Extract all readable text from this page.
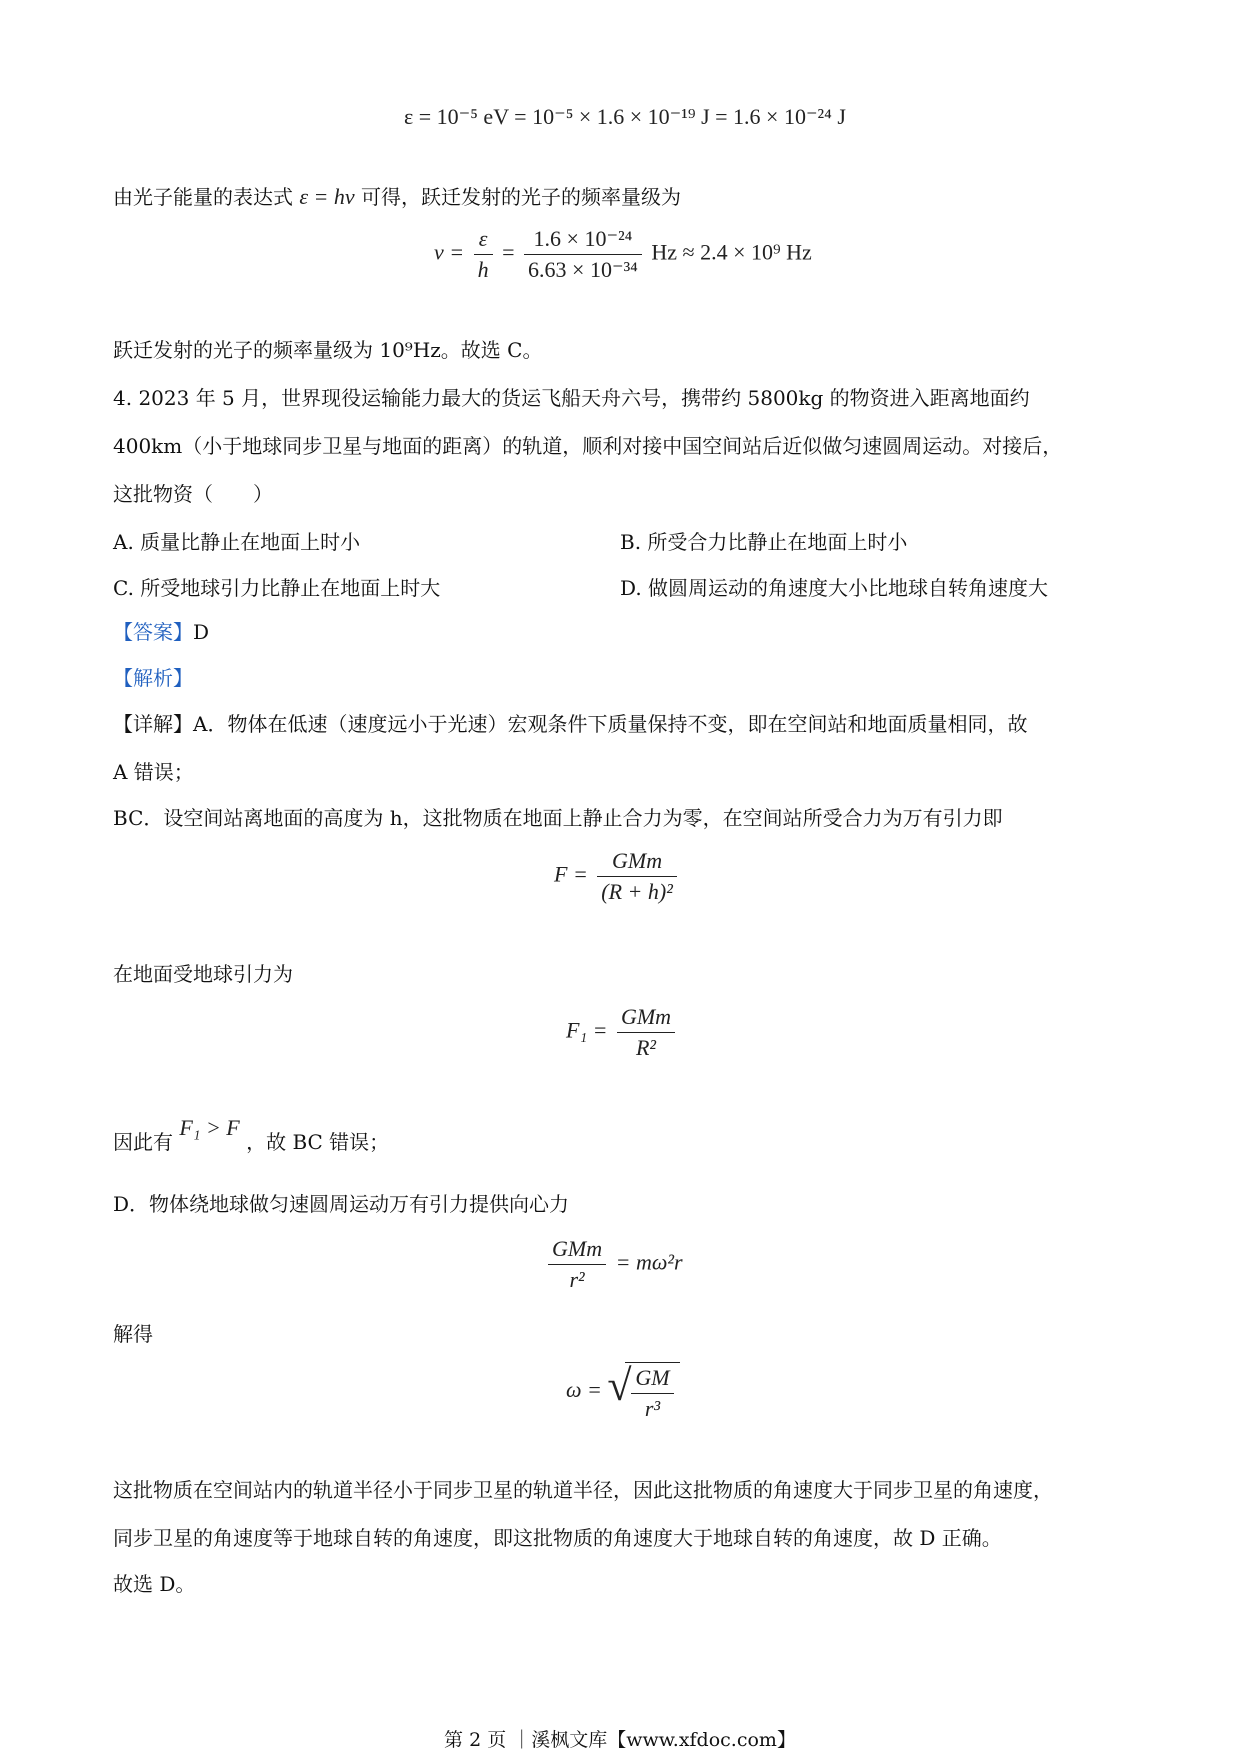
ε = 10⁻⁵ eV = 10⁻⁵ × 1.6 × 10⁻¹⁹ J = 1.6 × 10⁻²⁴ J
由光子能量的表达式 ε = hν 可得，跃迁发射的光子的频率量级为
$\nu = \frac{\varepsilon}{h} = \frac{\text{1.6 × 10⁻²⁴}}{\text{6.63 × 10⁻³⁴}}$ Hz ≈ 2.4 × 10⁹ Hz
跃迁发射的光子的频率量级为 10⁹Hz。故选 C。
4. 2023 年 5 月，世界现役运输能力最大的货运飞船天舟六号，携带约 5800kg 的物资进入距离地面约
400km（小于地球同步卫星与地面的距离）的轨道，顺利对接中国空间站后近似做匀速圆周运动。对接后，
这批物资（　　）
A. 质量比静止在地面上时小	B. 所受合力比静止在地面上时小
C. 所受地球引力比静止在地面上时大	D. 做圆周运动的角速度大小比地球自转角速度大
【答案】D
【解析】
【详解】A．物体在低速（速度远小于光速）宏观条件下质量保持不变，即在空间站和地面质量相同，故
A 错误；
BC．设空间站离地面的高度为 h，这批物质在地面上静止合力为零，在空间站所受合力为万有引力即
$F = \frac{\text{GMm}}{\text{(R + h)²}}$
在地面受地球引力为
$F_1 = \frac{\text{GMm}}{\text{R²}}$
因此有 F₁ > F ，故 BC 错误；
D．物体绕地球做匀速圆周运动万有引力提供向心力
$\frac{\text{GMm}}{\text{r²}} = m\omega^2r$
解得
ω = √ $\frac{GM}{\text{r³}}$
这批物质在空间站内的轨道半径小于同步卫星的轨道半径，因此这批物质的角速度大于同步卫星的角速度，
同步卫星的角速度等于地球自转的角速度，即这批物质的角速度大于地球自转的角速度，故 D 正确。
故选 D。
第 2 页 ｜溪枫文库【www.xfdoc.com】
